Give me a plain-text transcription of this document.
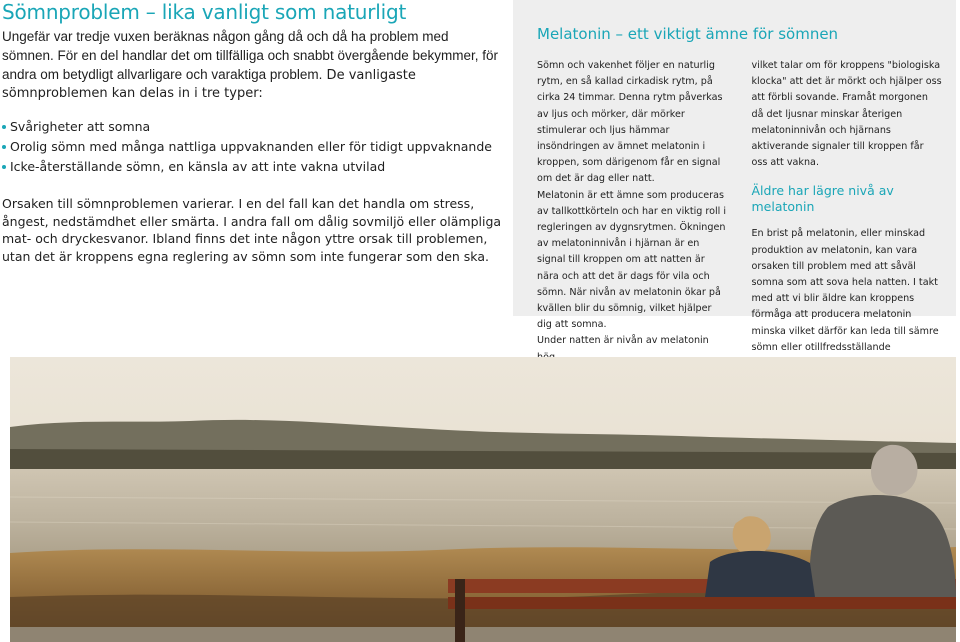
Sömnproblem – lika vanligt som naturligt

Ungefär var tredje vuxen beräknas någon gång då och då ha problem med sömnen. För en del handlar det om tillfälliga och snabbt övergående bekymmer, för andra om betydligt allvarligare och varaktiga problem. De vanligaste sömnproblemen kan delas in i tre typer:

Svårigheter att somna
Orolig sömn med många nattliga uppvaknanden eller för tidigt uppvaknande
Icke-återställande sömn, en känsla av att inte vakna utvilad

Orsaken till sömnproblemen varierar. I en del fall kan det handla om stress, ångest, nedstämdhet eller smärta. I andra fall om dålig sovmiljö eller olämpliga mat- och dryckesvanor. Ibland finns det inte någon yttre orsak till problemen, utan det är kroppens egna reglering av sömn som inte fungerar som den ska.

Melatonin – ett viktigt ämne för sömnen

Sömn och vakenhet följer en naturlig rytm, en så kallad cirkadisk rytm, på cirka 24 timmar. Denna rytm påverkas av ljus och mörker, där mörker stimulerar och ljus hämmar insöndringen av ämnet melatonin i kroppen, som därigenom får en signal om det är dag eller natt.

Melatonin är ett ämne som produceras av tallkottkörteln och har en viktig roll i regleringen av dygnsrytmen. Ökningen av melatoninnivån i hjärnan är en signal till kroppen om att natten är nära och att det är dags för vila och sömn. När nivån av melatonin ökar på kvällen blir du sömnig, vilket hjälper dig att somna.

Under natten är nivån av melatonin

vilket talar om för kroppens "biologiska klocka" att det är mörkt och hjälper oss att förbli sovande. Framåt morgonen då det ljusnar minskar återigen melatoninnivån och hjärnans aktiverande signaler till kroppen får oss att vakna.

Äldre har lägre nivå av melatonin

En brist på melatonin, eller minskad produktion av melatonin, kan vara orsaken till problem med att såväl somna som att sova hela natten. I takt med att vi blir äldre kan kroppens förmåga att producera melatonin minska vilket därför kan leda till sämre sömn eller otillfredsställande
